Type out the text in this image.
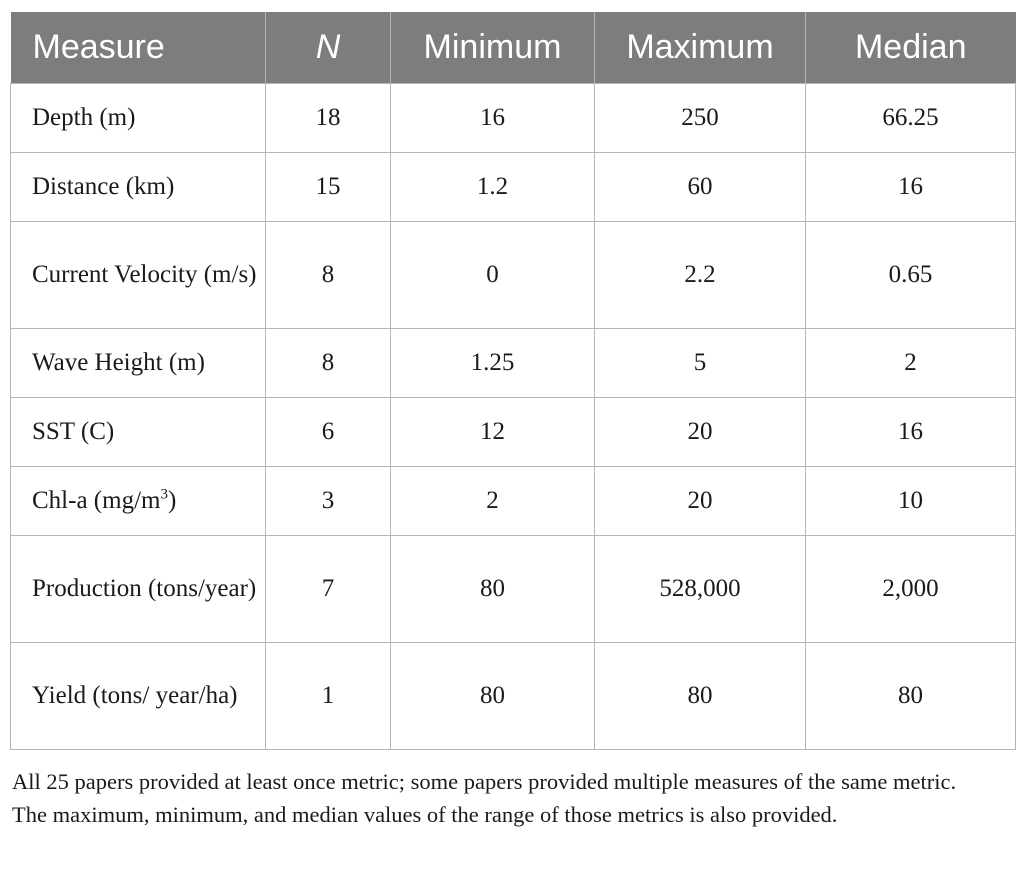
Measure	N	Minimum	Maximum	Median
Depth (m)	18	16	250	66.25
Distance (km)	15	1.2	60	16
Current Velocity (m/s)	8	0	2.2	0.65
Wave Height (m)	8	1.25	5	2
SST (C)	6	12	20	16
Chl-a $(mg/m^3)$	3	2	20	10
Production (tons/year)	7	80	528,000	2,000
Yield (tons/ year/ha)	1	80	80	80

All 25 papers provided at least once metric; some papers provided multiple measures of the same metric.

The maximum, minimum, and median values of the range of those metrics is also provided.
